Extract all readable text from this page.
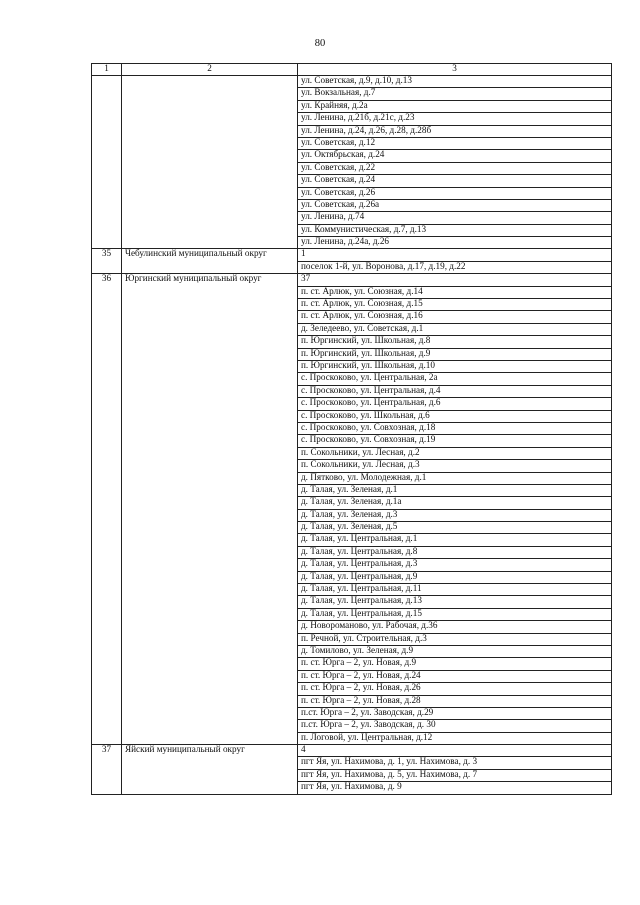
80
1	2	3
		ул. Советская, д.9, д.10, д.13
		ул. Вокзальная, д.7
		ул. Крайняя, д.2а
		ул. Ленина, д.21б, д.21с, д.23
		ул. Ленина, д.24, д.26, д.28, д.28б
		ул. Советская, д.12
		ул. Октябрьская, д.24
		ул. Советская, д.22
		ул. Советская, д.24
		ул. Советская, д.26
		ул. Советская, д.26а
		ул. Ленина, д.74
		ул. Коммунистическая, д.7, д.13
		ул. Ленина, д.24а, д.26
35	Чебулинский муниципальный округ	1
		поселок 1-й, ул. Воронова, д.17, д.19, д.22
36	Юргинский муниципальный округ	37
		п. ст. Арлюк, ул. Союзная, д.14
		п. ст. Арлюк, ул. Союзная, д.15
		п. ст. Арлюк, ул. Союзная, д.16
		д. Зеледеево, ул. Советская, д.1
		п. Юргинский, ул. Школьная, д.8
		п. Юргинский, ул. Школьная, д.9
		п. Юргинский, ул. Школьная, д.10
		с. Проскоково, ул. Центральная, 2а
		с. Проскоково, ул. Центральная, д.4
		с. Проскоково, ул. Центральная, д.6
		с. Проскоково, ул. Школьная, д.6
		с. Проскоково, ул. Совхозная, д.18
		с. Проскоково, ул. Совхозная, д.19
		п. Сокольники, ул. Лесная, д.2
		п. Сокольники, ул. Лесная, д.3
		д. Пятково, ул. Молодежная, д.1
		д. Талая, ул. Зеленая, д.1
		д. Талая, ул. Зеленая, д.1а
		д. Талая, ул. Зеленая, д.3
		д. Талая, ул. Зеленая, д.5
		д. Талая, ул. Центральная, д.1
		д. Талая, ул. Центральная, д.8
		д. Талая, ул. Центральная, д.3
		д. Талая, ул. Центральная, д.9
		д. Талая, ул. Центральная, д.11
		д. Талая, ул. Центральная, д.13
		д. Талая, ул. Центральная, д.15
		д. Новороманово, ул. Рабочая, д.36
		п. Речной, ул. Строительная, д.3
		д. Томилово, ул. Зеленая, д.9
		п. ст. Юрга – 2, ул. Новая, д.9
		п. ст. Юрга – 2, ул. Новая, д.24
		п. ст. Юрга – 2, ул. Новая, д.26
		п. ст. Юрга – 2, ул. Новая, д.28
		п.ст. Юрга – 2, ул. Заводская, д.29
		п.ст. Юрга – 2, ул. Заводская, д. 30
		п. Логовой, ул. Центральная, д.12
37	Яйский муниципальный округ	4
		пгт Яя, ул. Нахимова, д. 1, ул. Нахимова, д. 3
		пгт Яя, ул. Нахимова, д. 5, ул. Нахимова, д. 7
		пгт Яя, ул. Нахимова, д. 9
